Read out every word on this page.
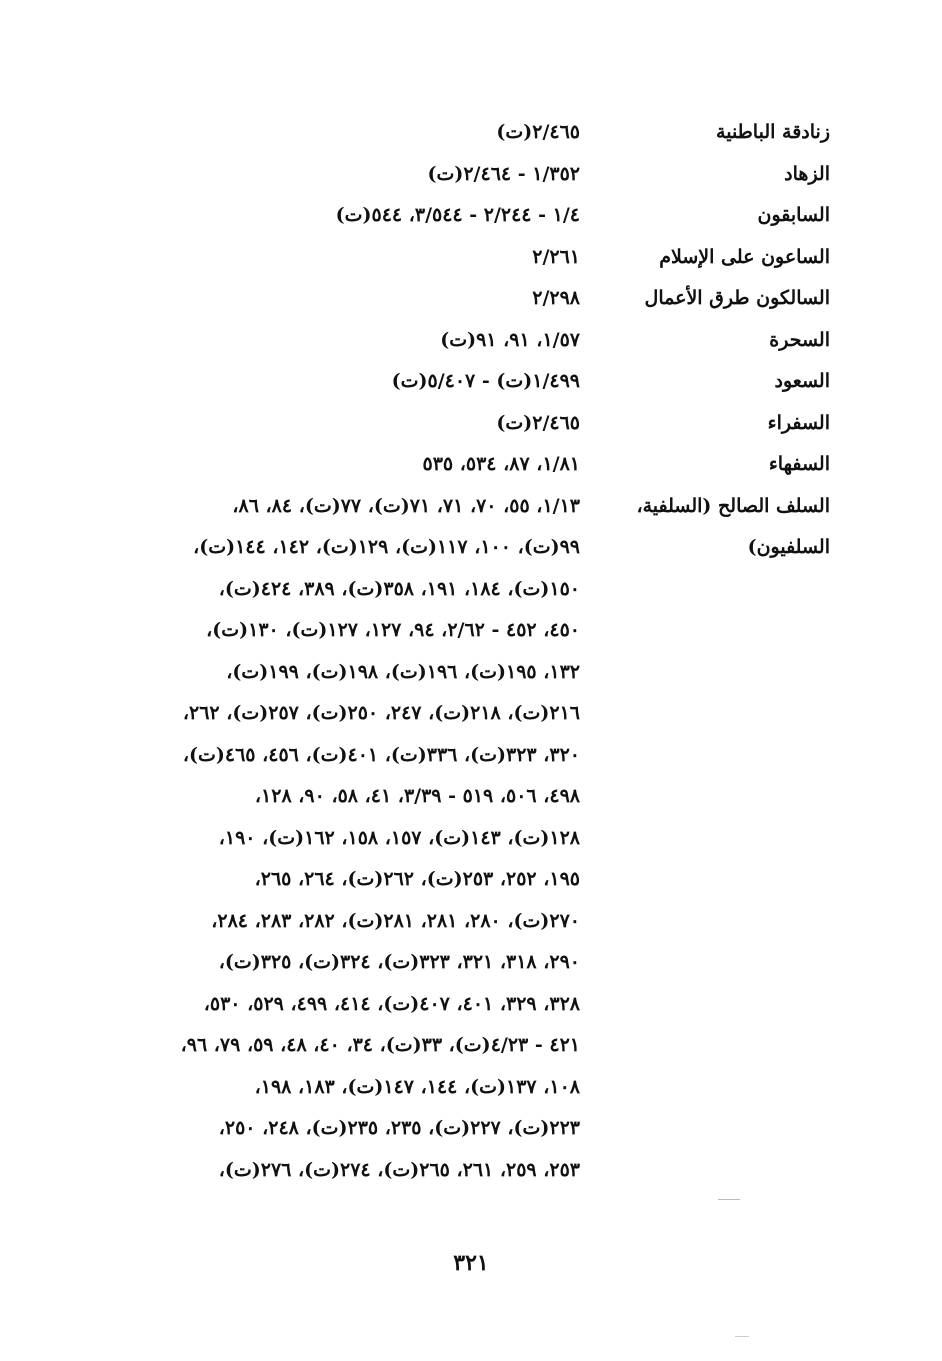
زنادقة الباطنية
٢/٤٦٥(ت)
الزهاد
١/٣٥٢ - ٢/٤٦٤(ت)
السابقون
١/٤ - ٢/٢٤٤ - ٣/٥٤٤، ٥٤٤(ت)
الساعون على الإسلام
٢/٢٦١
السالكون طرق الأعمال
٢/٢٩٨
السحرة
١/٥٧، ٩١، ٩١(ت)
السعود
١/٤٩٩(ت) - ٥/٤٠٧(ت)
السفراء
٢/٤٦٥(ت)
السفهاء
١/٨١، ٨٧، ٥٣٤، ٥٣٥
السلف الصالح (السلفية،
السلفيون)
١/١٣، ٥٥، ٧٠، ٧١، ٧١(ت)، ٧٧(ت)، ٨٤، ٨٦،
٩٩(ت)، ١٠٠، ١١٧(ت)، ١٢٩(ت)، ١٤٢، ١٤٤(ت)،
١٥٠(ت)، ١٨٤، ١٩١، ٣٥٨(ت)، ٣٨٩، ٤٢٤(ت)،
٤٥٠، ٤٥٢ - ٢/٦٢، ٩٤، ١٢٧، ١٢٧(ت)، ١٣٠(ت)،
١٣٢، ١٩٥(ت)، ١٩٦(ت)، ١٩٨(ت)، ١٩٩(ت)،
٢١٦(ت)، ٢١٨(ت)، ٢٤٧، ٢٥٠(ت)، ٢٥٧(ت)، ٢٦٢،
٣٢٠، ٣٢٣(ت)، ٣٣٦(ت)، ٤٠١(ت)، ٤٥٦، ٤٦٥(ت)،
٤٩٨، ٥٠٦، ٥١٩ - ٣/٣٩، ٤١، ٥٨، ٩٠، ١٢٨،
١٢٨(ت)، ١٤٣(ت)، ١٥٧، ١٥٨، ١٦٢(ت)، ١٩٠،
١٩٥، ٢٥٢، ٢٥٣(ت)، ٢٦٢(ت)، ٢٦٤، ٢٦٥،
٢٧٠(ت)، ٢٨٠، ٢٨١، ٢٨١(ت)، ٢٨٢، ٢٨٣، ٢٨٤،
٢٩٠، ٣١٨، ٣٢١، ٣٢٣(ت)، ٣٢٤(ت)، ٣٢٥(ت)،
٣٢٨، ٣٢٩، ٤٠١، ٤٠٧(ت)، ٤١٤، ٤٩٩، ٥٢٩، ٥٣٠،
٤٢١ - ٤/٢٣(ت)، ٣٣(ت)، ٣٤، ٤٠، ٤٨، ٥٩، ٧٩، ٩٦،
١٠٨، ١٣٧(ت)، ١٤٤، ١٤٧(ت)، ١٨٣، ١٩٨،
٢٢٣(ت)، ٢٢٧(ت)، ٢٣٥، ٢٣٥(ت)، ٢٤٨، ٢٥٠،
٢٥٣، ٢٥٩، ٢٦١، ٢٦٥(ت)، ٢٧٤(ت)، ٢٧٦(ت)،
٣٢١
